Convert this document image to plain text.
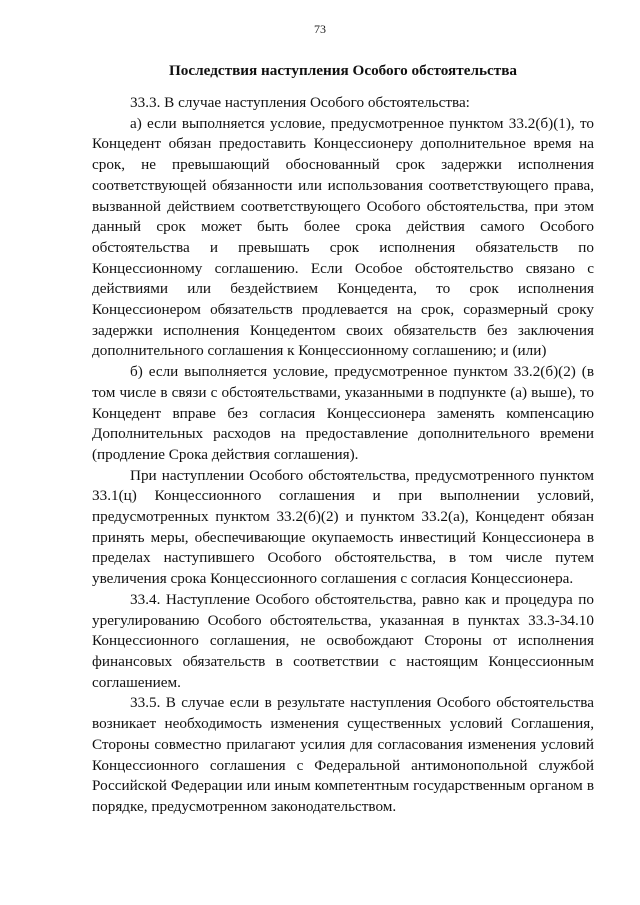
73
Последствия наступления Особого обстоятельства

33.3. В случае наступления Особого обстоятельства:

а) если выполняется условие, предусмотренное пунктом 33.2(б)(1), то Концедент обязан предоставить Концессионеру дополнительное время на срок, не превышающий обоснованный срок задержки исполнения соответствующей обязанности или использования соответствующего права, вызванной действием соответствующего Особого обстоятельства, при этом данный срок может быть более срока действия самого Особого обстоятельства и превышать срок исполнения обязательств по Концессионному соглашению. Если Особое обстоятельство связано с действиями или бездействием Концедента, то срок исполнения Концессионером обязательств продлевается на срок, соразмерный сроку задержки исполнения Концедентом своих обязательств без заключения дополнительного соглашения к Концессионному соглашению; и (или)

б) если выполняется условие, предусмотренное пунктом 33.2(б)(2) (в том числе в связи с обстоятельствами, указанными в подпункте (а) выше), то Концедент вправе без согласия Концессионера заменять компенсацию Дополнительных расходов на предоставление дополнительного времени (продление Срока действия соглашения).

При наступлении Особого обстоятельства, предусмотренного пунктом 33.1(ц) Концессионного соглашения и при выполнении условий, предусмотренных пунктом 33.2(б)(2) и пунктом 33.2(а), Концедент обязан принять меры, обеспечивающие окупаемость инвестиций Концессионера в пределах наступившего Особого обстоятельства, в том числе путем увеличения срока Концессионного соглашения с согласия Концессионера.

33.4. Наступление Особого обстоятельства, равно как и процедура по урегулированию Особого обстоятельства, указанная в пунктах 33.3-34.10 Концессионного соглашения, не освобождают Стороны от исполнения финансовых обязательств в соответствии с настоящим Концессионным соглашением.

33.5. В случае если в результате наступления Особого обстоятельства возникает необходимость изменения существенных условий Соглашения, Стороны совместно прилагают усилия для согласования изменения условий Концессионного соглашения с Федеральной антимонопольной службой Российской Федерации или иным компетентным государственным органом в порядке, предусмотренном законодательством.
